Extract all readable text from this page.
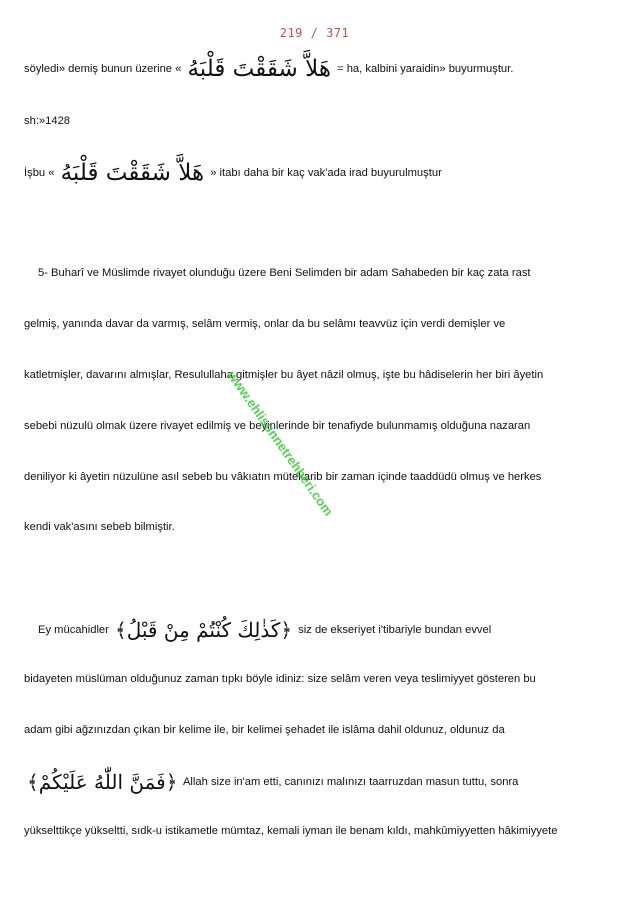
219 / 371
söyledi» demiş bunun üzerine « هَلاَّ شَقَقْتَ قَلْبَهُ = ha, kalbini yaraidin» buyurmuştur.
sh:»1428
İşbu « هَلاَّ شَقَقْتَ قَلْبَهُ » itabı daha bir kaç vak'ada irad buyurulmuştur
5- Buharî ve Müslimde rivayet olunduğu üzere Beni Selimden bir adam Sahabeden bir kaç zata rast
gelmiş, yanında davar da varmış, selâm vermiş, onlar da bu selâmı teavvüz için verdi demişler ve
katletmişler, davarını almışlar, Resulullaha gitmişler bu âyet nâzil olmuş, işte bu hâdiselerin her biri âyetin
sebebi nüzulü olmak üzere rivayet edilmiş ve beyinlerinde bir tenafiyde bulunmamış olduğuna nazaran
deniliyor ki âyetin nüzulüne asıl sebeb bu vâkıatın mütekarib bir zaman içinde taaddüdü olmuş ve herkes
kendi vak'asını sebeb bilmiştir.
Ey mücahidler ﴿كَذٰلِكَ كُنْتُمْ مِنْ قَبْلُ﴾ siz de ekseriyet i'tibariyle bundan evvel
bidayeten müslüman olduğunuz zaman tıpkı böyle idiniz: size selâm veren veya teslimiyyet gösteren bu
adam gibi ağzınızdan çıkan bir kelime ile, bir kelimei şehadet ile islâma dahil oldunuz, oldunuz da
﴿فَمَنَّ اللّٰهُ عَلَيْكُمْ﴾ Allah size in'am etti, canınızı malınızı taarruzdan masun tuttu, sonra
yükselttikçe yükseltti, sıdk-u istikametle mümtaz, kemali iyman ile benam kıldı, mahkûmiyyetten hâkimiyyete
www.ehlisunnetrehberi.com
